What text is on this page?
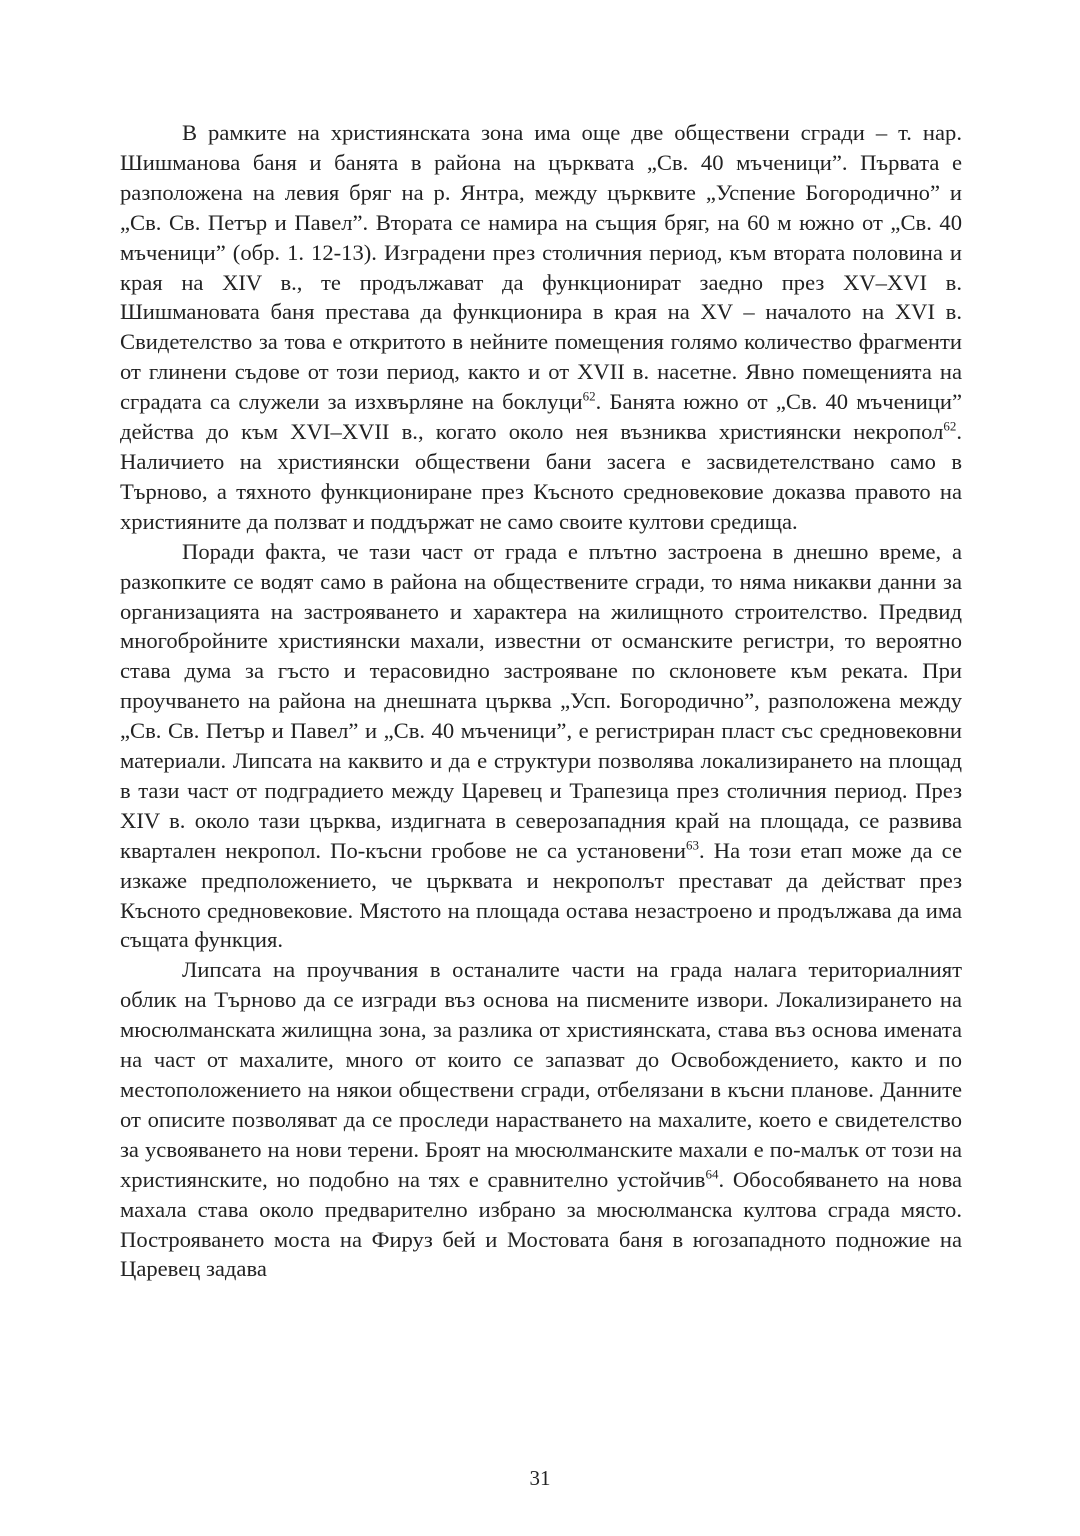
В рамките на християнската зона има още две обществени сгради – т. нар. Шишманова баня и банята в района на църквата „Св. 40 мъченици”. Първата е разположена на левия бряг на р. Янтра, между църквите „Успение Богородично” и „Св. Св. Петър и Павел”. Втората се намира на същия бряг, на 60 м южно от „Св. 40 мъченици” (обр. 1. 12-13). Изградени през столичния период, към втората половина и края на XIV в., те продължават да функционират заедно през XV–XVI в. Шишмановата баня престава да функционира в края на XV – началото на XVI в. Свидетелство за това е откритото в нейните помещения голямо количество фрагменти от глинени съдове от този период, както и от XVII в. насетне. Явно помещенията на сградата са служели за изхвърляне на боклуци$^{62}$. Банята южно от „Св. 40 мъченици” действа до към XVI–XVII в., когато около нея възниква християнски некропол$^{62}$. Наличието на християнски обществени бани засега е засвидетелствано само в Търново, а тяхното функциониране през Късното средновековие доказва правото на християните да ползват и поддържат не само своите култови средища.

Поради факта, че тази част от града е плътно застроена в днешно време, а разкопките се водят само в района на обществените сгради, то няма никакви данни за организацията на застрояването и характера на жилищното строителство. Предвид многобройните християнски махали, известни от османските регистри, то вероятно става дума за гъсто и терасовидно застрояване по склоновете към реката. При проучването на района на днешната църква „Усп. Богородично”, разположена между „Св. Св. Петър и Павел” и „Св. 40 мъченици”, е регистриран пласт със средновековни материали. Липсата на каквито и да е структури позволява локализирането на площад в тази част от подградието между Царевец и Трапезица през столичния период. През XIV в. около тази църква, издигната в северозападния край на площада, се развива квартален некропол. По-късни гробове не са установени$^{63}$. На този етап може да се изкаже предположението, че църквата и некрополът престават да действат през Късното средновековие. Мястото на площада остава незастроено и продължава да има същата функция.

Липсата на проучвания в останалите части на града налага териториалният облик на Търново да се изгради въз основа на писмените извори. Локализирането на мюсюлманската жилищна зона, за разлика от християнската, става въз основа имената на част от махалите, много от които се запазват до Освобождението, както и по местоположението на някои обществени сгради, отбелязани в късни планове. Данните от описите позволяват да се проследи нарастването на махалите, което е свидетелство за усвояването на нови терени. Броят на мюсюлманските махали е по-малък от този на християнските, но подобно на тях е сравнително устойчив$^{64}$. Обособяването на нова махала става около предварително избрано за мюсюлманска култова сграда място. Построяването моста на Фируз бей и Мостовата баня в югозападното подножие на Царевец задава

31
